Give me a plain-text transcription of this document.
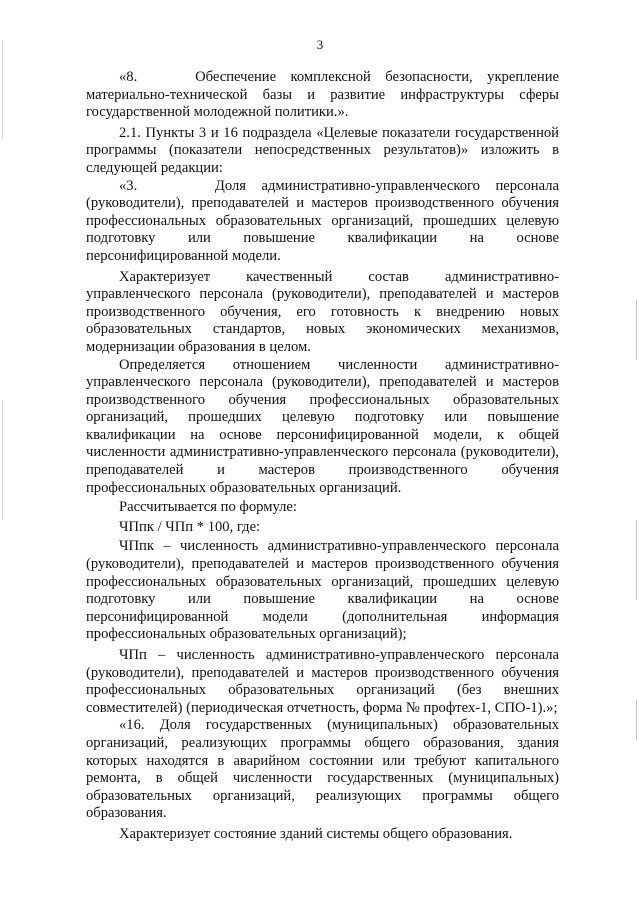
3

«8.    Обеспечение комплексной безопасности, укрепление материально-технической базы и развитие инфраструктуры сферы государственной молодежной политики.».

2.1. Пункты 3 и 16 подраздела «Целевые показатели государственной программы (показатели непосредственных результатов)» изложить в следующей редакции:

«3.     Доля административно-управленческого персонала (руководители), преподавателей и мастеров производственного обучения профессиональных образовательных организаций, прошедших целевую подготовку или повышение квалификации на основе персонифицированной модели.

Характеризует качественный состав административно-управленческого персонала (руководители), преподавателей и мастеров производственного обучения, его готовность к внедрению новых образовательных стандартов, новых экономических механизмов, модернизации образования в целом.

Определяется отношением численности административно-управленческого персонала (руководители), преподавателей и мастеров производственного обучения профессиональных образовательных организаций, прошедших целевую подготовку или повышение квалификации на основе персонифицированной модели, к общей численности административно-управленческого персонала (руководители), преподавателей и мастеров производственного обучения профессиональных образовательных организаций.

Рассчитывается по формуле:

ЧПпк / ЧПп * 100, где:

ЧПпк – численность административно-управленческого персонала (руководители), преподавателей и мастеров производственного обучения профессиональных образовательных организаций, прошедших целевую подготовку или повышение квалификации на основе персонифицированной модели (дополнительная информация профессиональных образовательных организаций);

ЧПп – численность административно-управленческого персонала (руководители), преподавателей и мастеров производственного обучения профессиональных образовательных организаций (без внешних совместителей) (периодическая отчетность, форма № профтех-1, СПО-1).»;

«16. Доля государственных (муниципальных) образовательных организаций, реализующих программы общего образования, здания которых находятся в аварийном состоянии или требуют капитального ремонта, в общей численности государственных (муниципальных) образовательных организаций, реализующих программы общего образования.

Характеризует состояние зданий системы общего образования.
